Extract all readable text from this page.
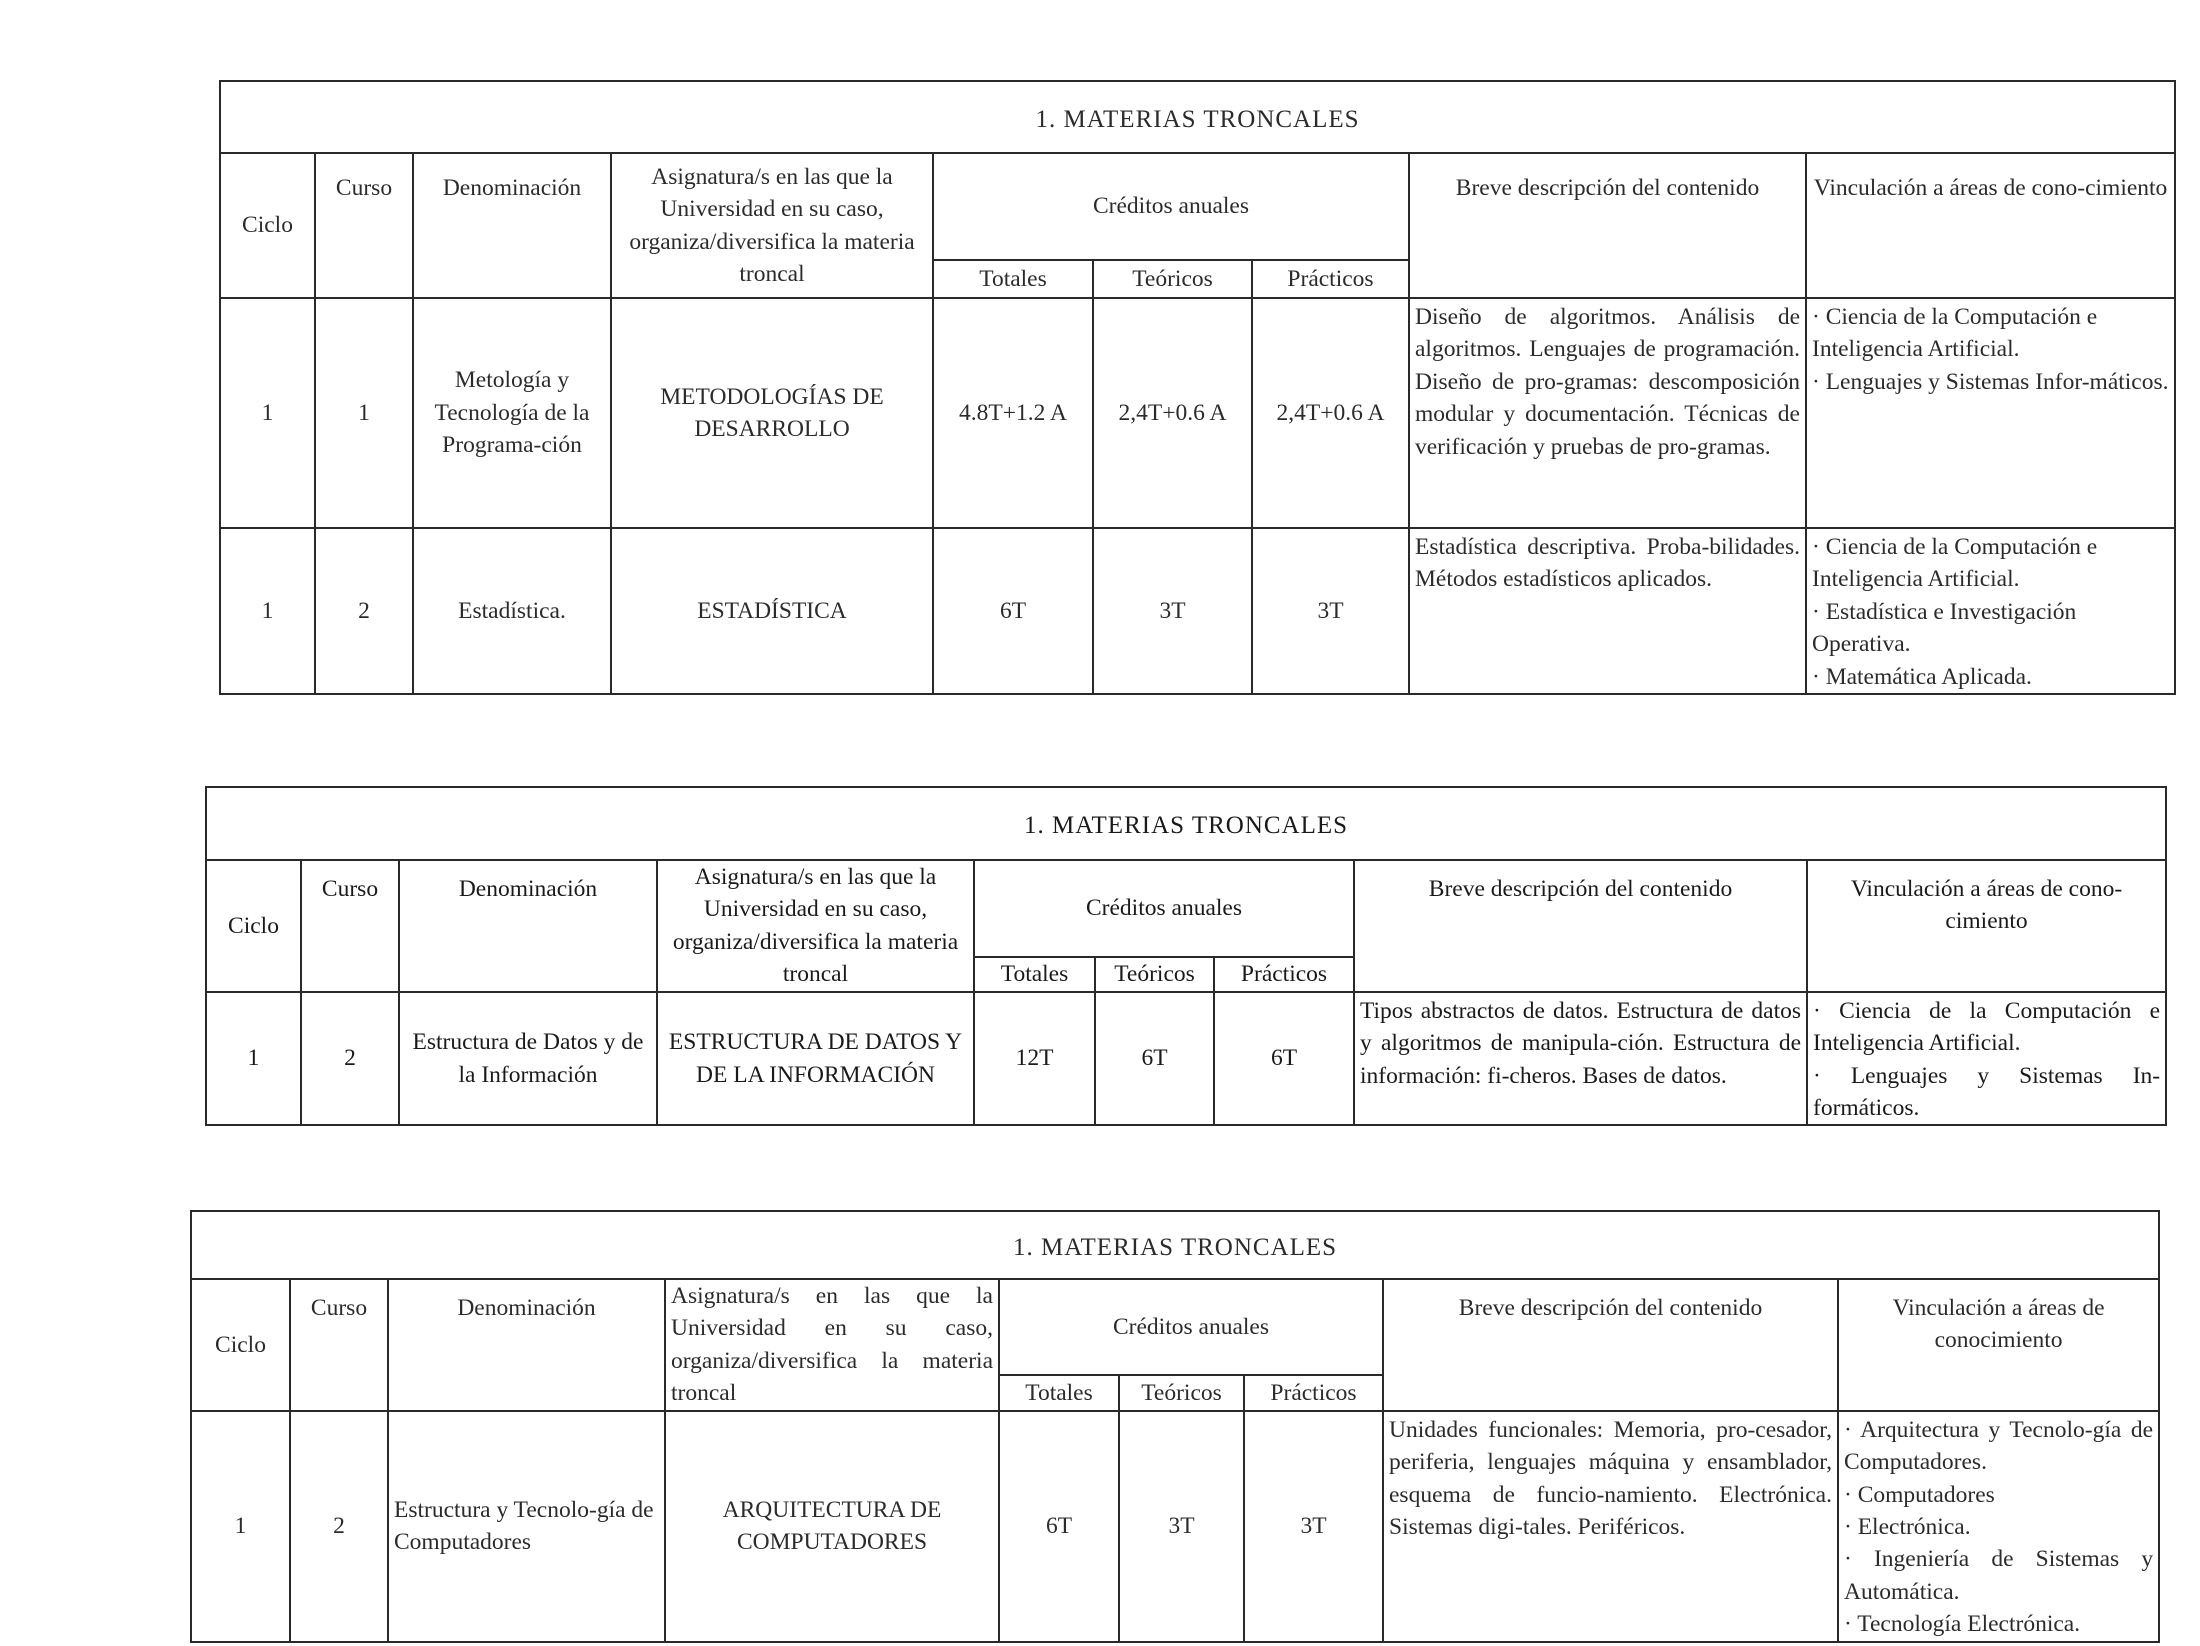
1. MATERIAS TRONCALES								
Ciclo	Curso	Denominación	Asignatura/s en las que la Universidad en su caso, organiza/diversifica la materia troncal	Créditos anuales			Breve descripción del contenido	Vinculación a áreas de cono-cimiento
				Totales	Teóricos	Prácticos		
1	1	Metología y Tecnología de la Programa-ción	METODOLOGÍAS DE DESARROLLO	4.8T+1.2 A	2,4T+0.6 A	2,4T+0.6 A	Diseño de algoritmos. Análisis de algoritmos. Lenguajes de programación. Diseño de pro-gramas: descomposición modular y documentación. Técnicas de verificación y pruebas de pro-gramas.	· Ciencia de la Computación e Inteligencia Artificial.
· Lenguajes y Sistemas Infor-máticos.

1	2	Estadística.	ESTADÍSTICA	6T	3T	3T	Estadística descriptiva. Proba-bilidades. Métodos estadísticos aplicados.	· Ciencia de la Computación e Inteligencia Artificial.
· Estadística e Investigación Operativa.
· Matemática Aplicada.
1. MATERIAS TRONCALES								
Ciclo	Curso	Denominación	Asignatura/s en las que la Universidad en su caso, organiza/diversifica la materia troncal	Créditos anuales			Breve descripción del contenido	Vinculación a áreas de cono-cimiento
				Totales	Teóricos	Prácticos		
1	2	Estructura de Datos y de la Información	ESTRUCTURA DE DATOS Y DE LA INFORMACIÓN	12T	6T	6T	Tipos abstractos de datos. Estructura de datos y algoritmos de manipula-ción. Estructura de información: fi-cheros. Bases de datos.	· Ciencia de la Computación e Inteligencia Artificial.
· Lenguajes y Sistemas In-formáticos.
1. MATERIAS TRONCALES								
Ciclo	Curso	Denominación	Asignatura/s en las que la Universidad en su caso, organiza/diversifica la materia troncal	Créditos anuales			Breve descripción del contenido	Vinculación a áreas de conocimiento
				Totales	Teóricos	Prácticos		
1	2	Estructura y Tecnolo-gía de Computadores	ARQUITECTURA DE COMPUTADORES	6T	3T	3T	Unidades funcionales: Memoria, pro-cesador, periferia, lenguajes máquina y ensamblador, esquema de funcio-namiento. Electrónica. Sistemas digi-tales. Periféricos.	· Arquitectura y Tecnolo-gía de Computadores.
· Computadores
· Electrónica.
· Ingeniería de Sistemas y Automática.
· Tecnología Electrónica.
